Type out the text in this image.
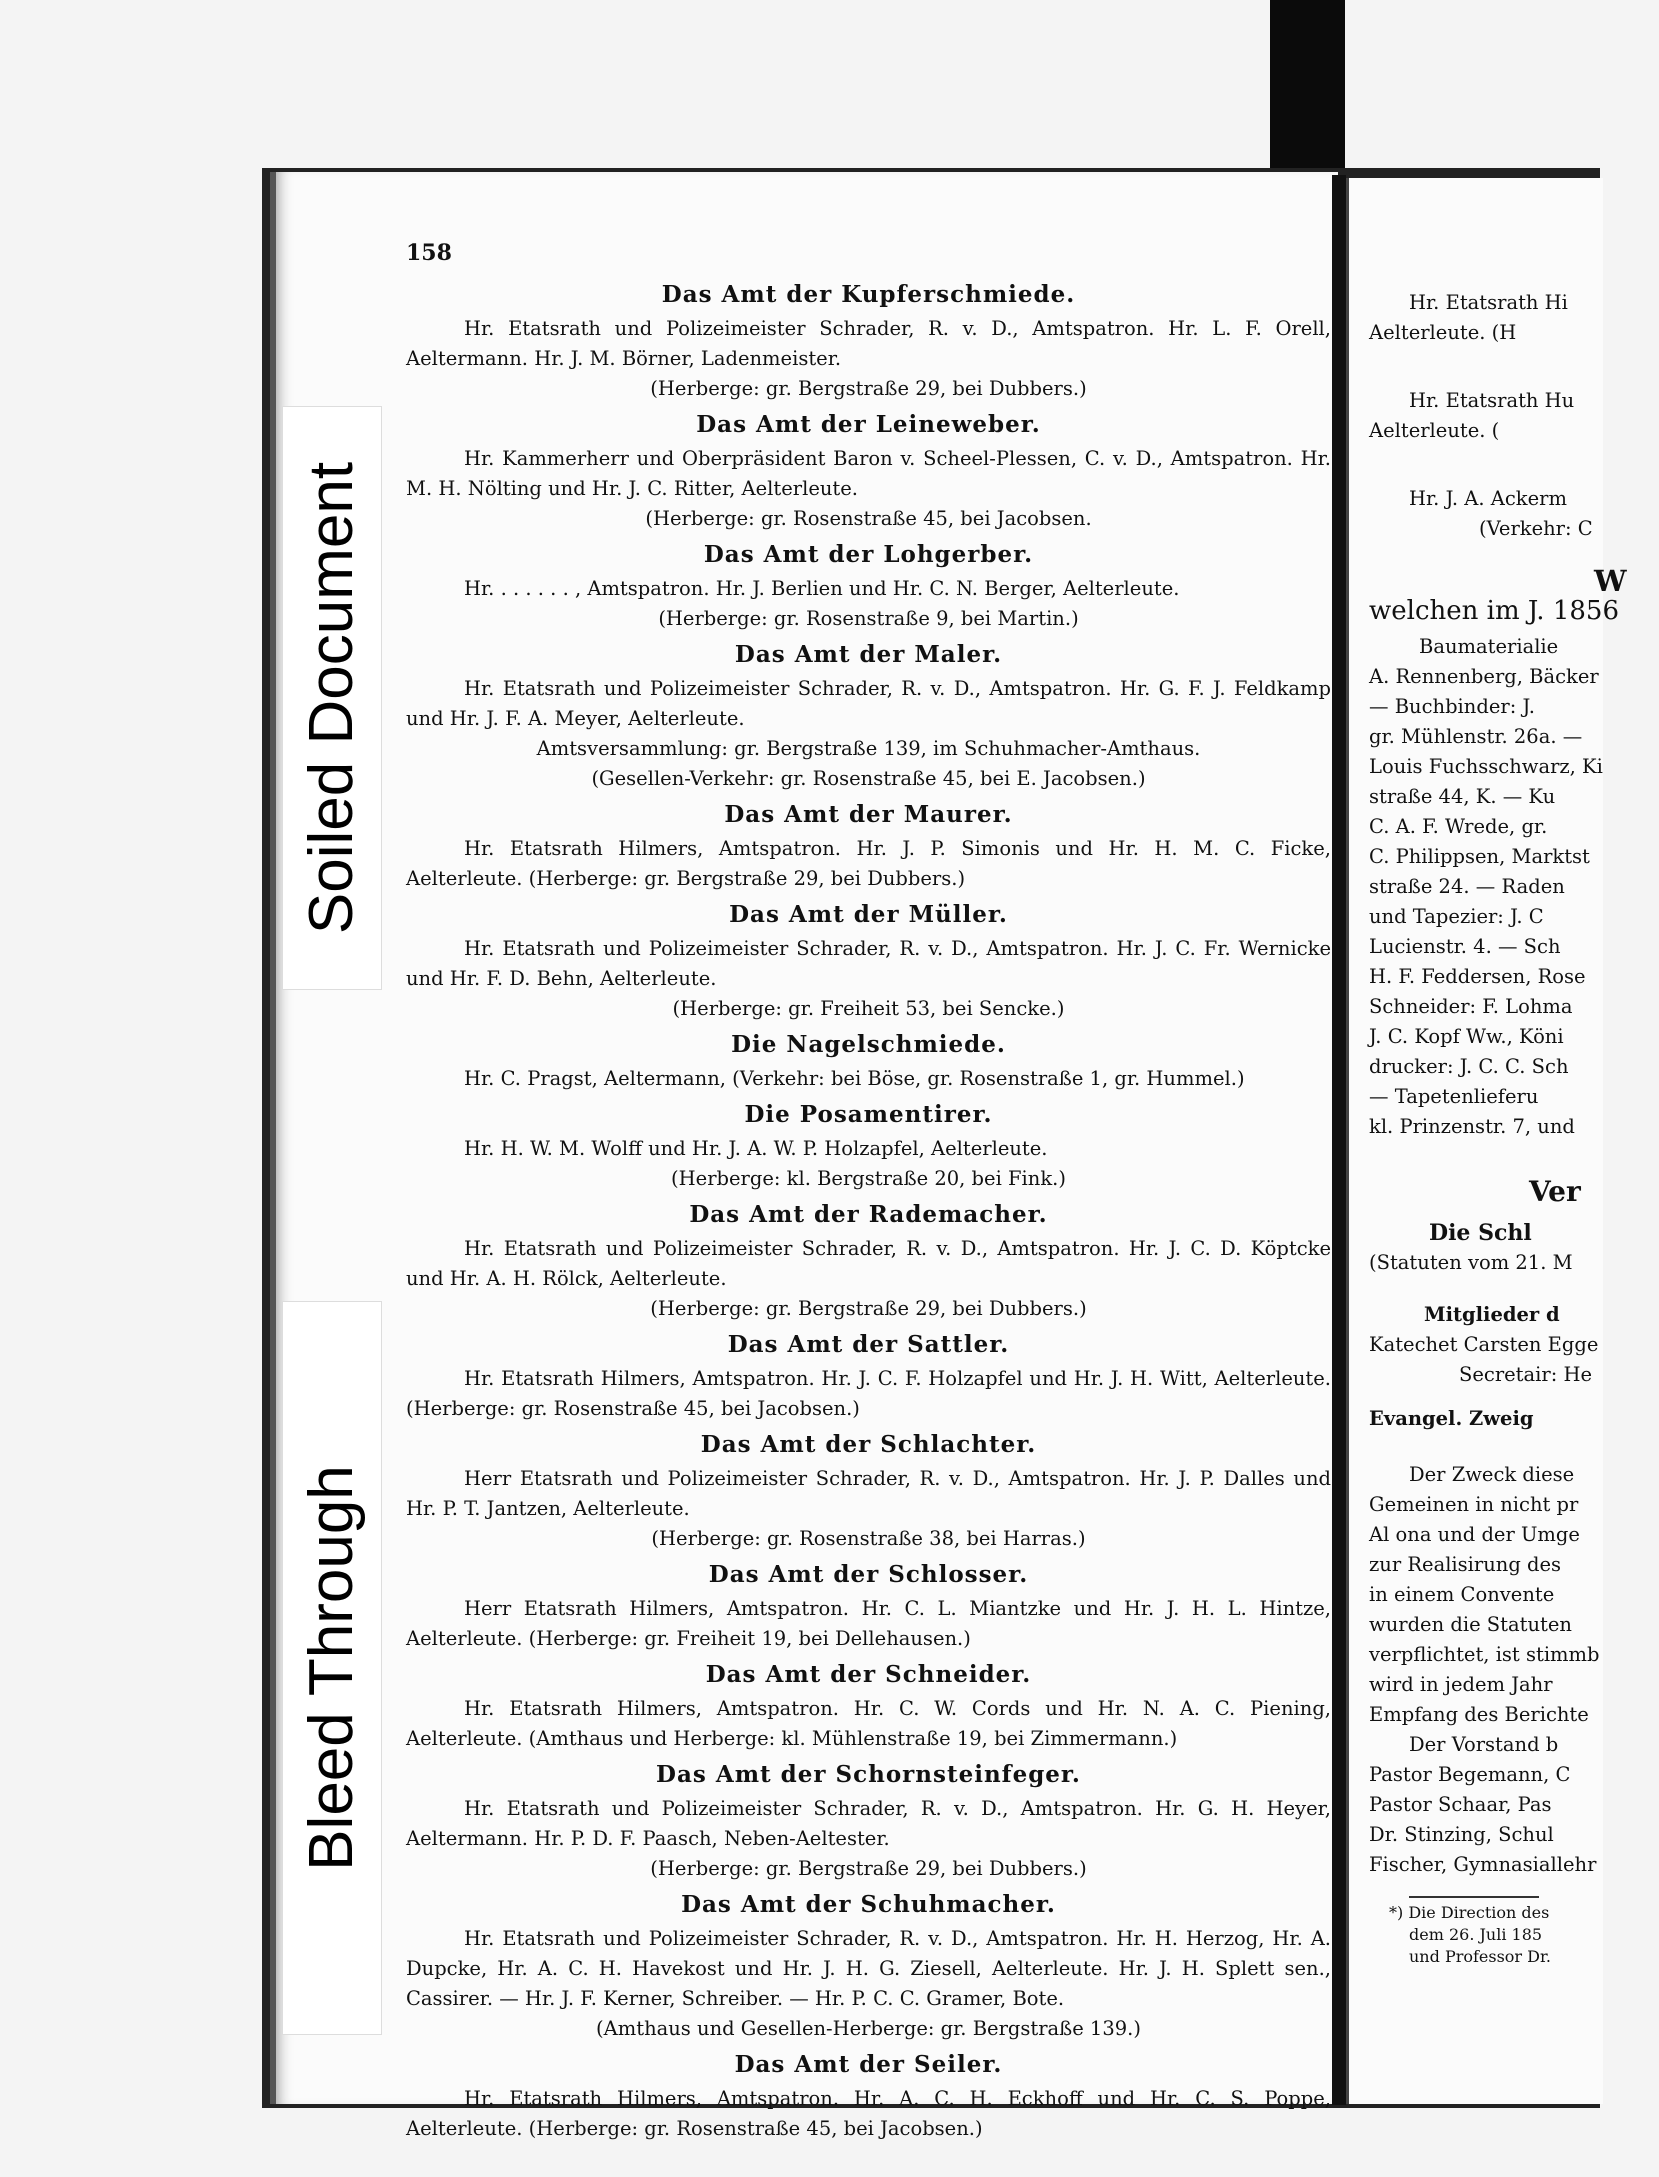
158
Das Amt der Kupferschmiede.

Hr. Etatsrath und Polizeimeister Schrader, R. v. D., Amtspatron. Hr. L. F. Orell, Aeltermann. Hr. J. M. Börner, Ladenmeister.

(Herberge: gr. Bergstraße 29, bei Dubbers.)

Das Amt der Leineweber.

Hr. Kammerherr und Oberpräsident Baron v. Scheel-Plessen, C. v. D., Amtspatron. Hr. M. H. Nölting und Hr. J. C. Ritter, Aelterleute.

(Herberge: gr. Rosenstraße 45, bei Jacobsen.

Das Amt der Lohgerber.

Hr. . . . . . . , Amtspatron. Hr. J. Berlien und Hr. C. N. Berger, Aelterleute.

(Herberge: gr. Rosenstraße 9, bei Martin.)

Das Amt der Maler.

Hr. Etatsrath und Polizeimeister Schrader, R. v. D., Amtspatron. Hr. G. F. J. Feldkamp und Hr. J. F. A. Meyer, Aelterleute.

Amtsversammlung: gr. Bergstraße 139, im Schuhmacher-Amthaus.

(Gesellen-Verkehr: gr. Rosenstraße 45, bei E. Jacobsen.)

Das Amt der Maurer.

Hr. Etatsrath Hilmers, Amtspatron. Hr. J. P. Simonis und Hr. H. M. C. Ficke, Aelterleute. (Herberge: gr. Bergstraße 29, bei Dubbers.)

Das Amt der Müller.

Hr. Etatsrath und Polizeimeister Schrader, R. v. D., Amtspatron. Hr. J. C. Fr. Wernicke und Hr. F. D. Behn, Aelterleute.

(Herberge: gr. Freiheit 53, bei Sencke.)

Die Nagelschmiede.

Hr. C. Pragst, Aeltermann, (Verkehr: bei Böse, gr. Rosenstraße 1, gr. Hummel.)

Die Posamentirer.

Hr. H. W. M. Wolff und Hr. J. A. W. P. Holzapfel, Aelterleute.

(Herberge: kl. Bergstraße 20, bei Fink.)

Das Amt der Rademacher.

Hr. Etatsrath und Polizeimeister Schrader, R. v. D., Amtspatron. Hr. J. C. D. Köptcke und Hr. A. H. Rölck, Aelterleute.

(Herberge: gr. Bergstraße 29, bei Dubbers.)

Das Amt der Sattler.

Hr. Etatsrath Hilmers, Amtspatron. Hr. J. C. F. Holzapfel und Hr. J. H. Witt, Aelterleute. (Herberge: gr. Rosenstraße 45, bei Jacobsen.)

Das Amt der Schlachter.

Herr Etatsrath und Polizeimeister Schrader, R. v. D., Amtspatron. Hr. J. P. Dalles und Hr. P. T. Jantzen, Aelterleute.

(Herberge: gr. Rosenstraße 38, bei Harras.)

Das Amt der Schlosser.

Herr Etatsrath Hilmers, Amtspatron. Hr. C. L. Miantzke und Hr. J. H. L. Hintze, Aelterleute. (Herberge: gr. Freiheit 19, bei Dellehausen.)

Das Amt der Schneider.

Hr. Etatsrath Hilmers, Amtspatron. Hr. C. W. Cords und Hr. N. A. C. Piening, Aelterleute. (Amthaus und Herberge: kl. Mühlenstraße 19, bei Zimmermann.)

Das Amt der Schornsteinfeger.

Hr. Etatsrath und Polizeimeister Schrader, R. v. D., Amtspatron. Hr. G. H. Heyer, Aeltermann. Hr. P. D. F. Paasch, Neben-Aeltester.

(Herberge: gr. Bergstraße 29, bei Dubbers.)

Das Amt der Schuhmacher.

Hr. Etatsrath und Polizeimeister Schrader, R. v. D., Amtspatron. Hr. H. Herzog, Hr. A. Dupcke, Hr. A. C. H. Havekost und Hr. J. H. G. Ziesell, Aelterleute. Hr. J. H. Splett sen., Cassirer. — Hr. J. F. Kerner, Schreiber. — Hr. P. C. C. Gramer, Bote.

(Amthaus und Gesellen-Herberge: gr. Bergstraße 139.)

Das Amt der Seiler.

Hr. Etatsrath Hilmers, Amtspatron. Hr. A. C. H. Eckhoff und Hr. C. S. Poppe, Aelterleute. (Herberge: gr. Rosenstraße 45, bei Jacobsen.)

Hr. Etatsrath Hi

Aelterleute. (H

Hr. Etatsrath Hu

Aelterleute. (

Hr. J. A. Ackerm

(Verkehr: C

W

welchen im J. 1856

Baumaterialie

A. Rennenberg, Bäcker

— Buchbinder: J.

gr. Mühlenstr. 26a. —

Louis Fuchsschwarz, Ki

straße 44, K. — Ku

C. A. F. Wrede, gr.

C. Philippsen, Marktst

straße 24. — Raden

und Tapezier: J. C

Lucienstr. 4. — Sch

H. F. Feddersen, Rose

Schneider: F. Lohma

J. C. Kopf Ww., Köni

drucker: J. C. C. Sch

— Tapetenlieferu

kl. Prinzenstr. 7, und

Ver

Die Schl

(Statuten vom 21. M

Mitglieder d

Katechet Carsten Egge

Secretair: He

Evangel. Zweig

Der Zweck diese

Gemeinen in nicht pr

Al ona und der Umge

zur Realisirung des

in einem Convente

wurden die Statuten

verpflichtet, ist stimmb

wird in jedem Jahr

Empfang des Berichte

Der Vorstand b

Pastor Begemann, C

Pastor Schaar, Pas

Dr. Stinzing, Schul

Fischer, Gymnasiallehr

*) Die Direction des

dem 26. Juli 185

und Professor Dr.

Soiled Document
Bleed Through
